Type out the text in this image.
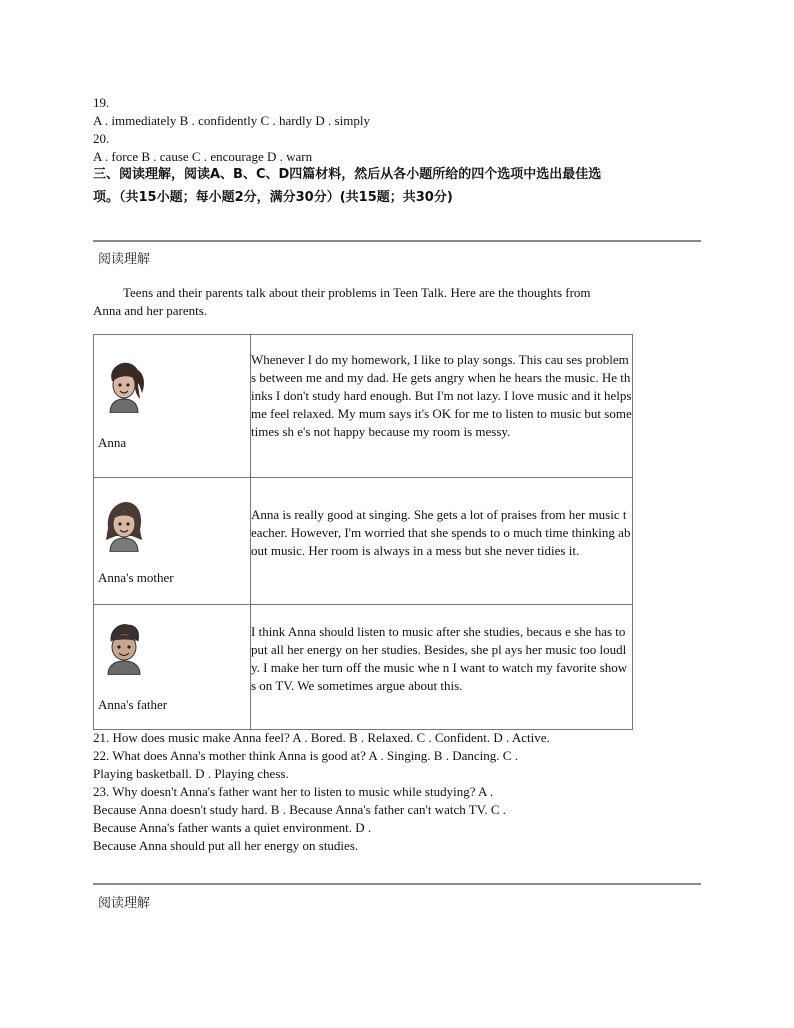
19.
A . immediately B . confidently C . hardly D . simply
20.
A . force B . cause C . encourage D . warn
三、阅读理解，阅读A、B、C、D四篇材料，然后从各小题所给的四个选项中选出最佳选
项。（共15小题；每小题2分，满分30分）(共15题；共30分)
阅读理解
Teens and their parents talk about their problems in Teen Talk. Here are the thoughts from
Anna and her parents.
Anna	Whenever I do my homework, I like to play songs. This cau ses problems between me and my dad. He gets angry when he hears the music. He thinks I don't study hard enough. But I'm not lazy. I love music and it helps me feel relaxed. My mum says it's OK for me to listen to music but sometimes sh e's not happy because my room is messy.

Anna's mother	Anna is really good at singing. She gets a lot of praises from her music teacher. However, I'm worried that she spends to o much time thinking about music. Her room is always in a mess but she never tidies it.

Anna's father	I think Anna should listen to music after she studies, becaus e she has to put all her energy on her studies. Besides, she pl ays her music too loudly. I make her turn off the music whe n I want to watch my favorite shows on TV. We sometimes argue about this.
21. How does music make Anna feel? A . Bored. B . Relaxed. C . Confident. D . Active.
22. What does Anna's mother think Anna is good at? A . Singing. B . Dancing. C .
Playing basketball. D . Playing chess.
23. Why doesn't Anna's father want her to listen to music while studying? A .
Because Anna doesn't study hard. B . Because Anna's father can't watch TV. C .
Because Anna's father wants a quiet environment. D .
Because Anna should put all her energy on studies.
阅读理解
